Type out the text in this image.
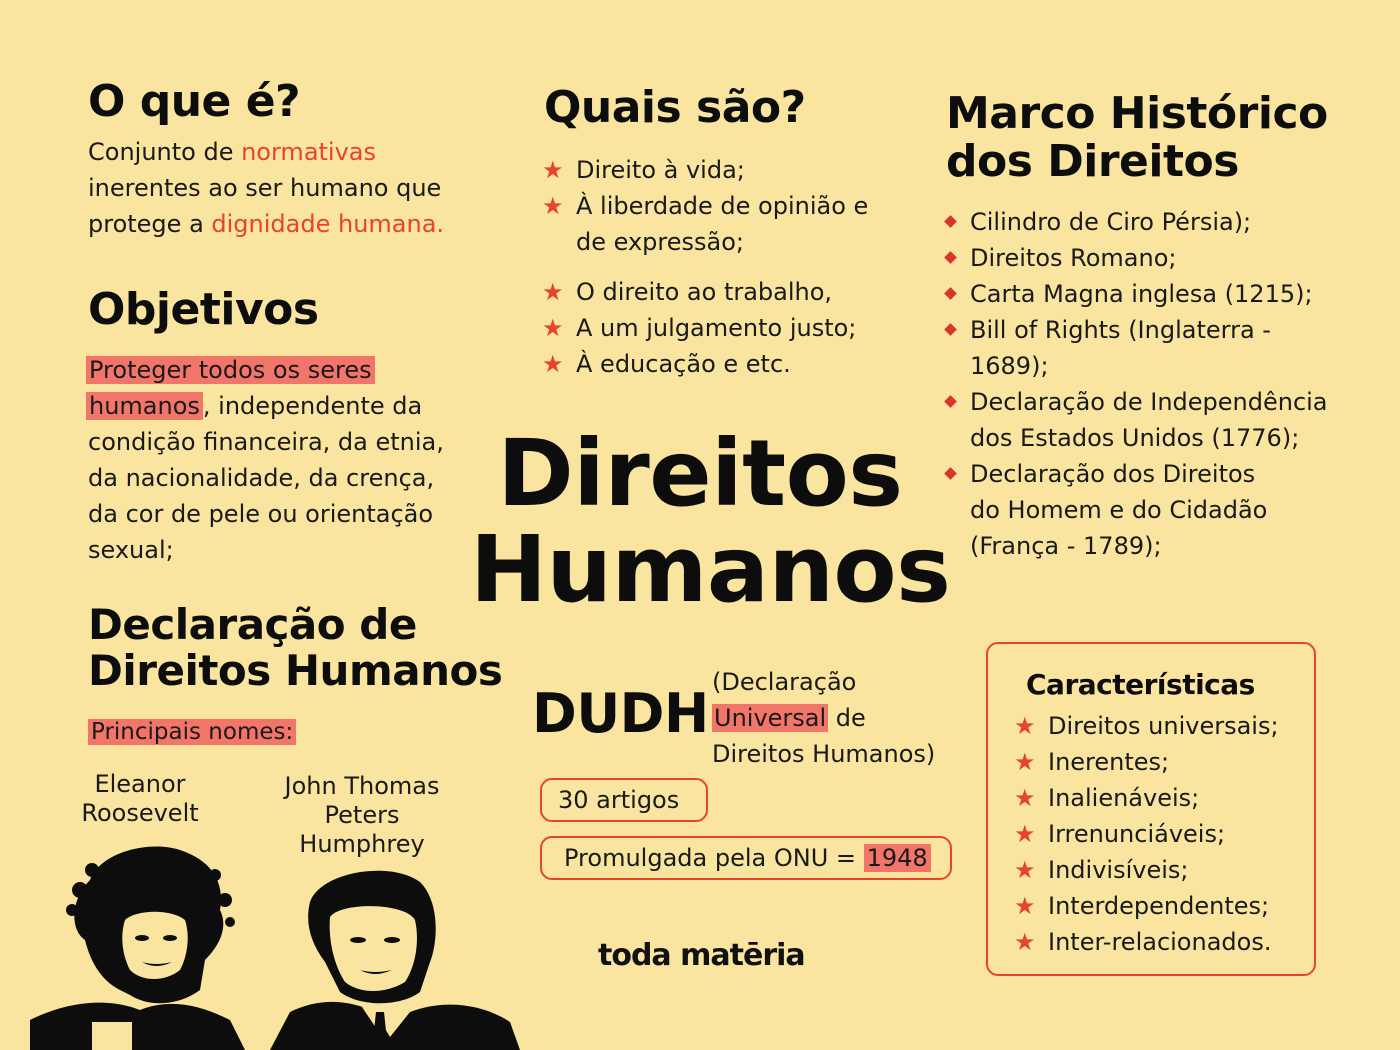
O que é?
Conjunto de normativas
inerentes ao ser humano que
protege a dignidade humana.
Objetivos
Proteger todos os seres
humanos , independente da
condição financeira, da etnia,
da nacionalidade, da crença,
da cor de pele ou orientação
sexual;
Declaração de
Direitos Humanos
Principais nomes:
Eleanor
Roosevelt
John Thomas
Peters
Humphrey
Quais são?
★ Direito à vida;
★ À liberdade de opinião e
de expressão;
★ O direito ao trabalho,
★ A um julgamento justo;
★ À educação e etc.
Direitos
Humanos
DUDH (Declaração
Universal de
Direitos Humanos)
30 artigos
Promulgada pela ONU = 1948
toda matēria
Marco Histórico
dos Direitos
Cilindro de Ciro Pérsia);
Direitos Romano;
Carta Magna inglesa (1215);
Bill of Rights (Inglaterra -
1689);
Declaração de Independência
dos Estados Unidos (1776);
Declaração dos Direitos
do Homem e do Cidadão
(França - 1789);
Características
★ Direitos universais;
★ Inerentes;
★ Inalienáveis;
★ Irrenunciáveis;
★ Indivisíveis;
★ Interdependentes;
★ Inter-relacionados.
